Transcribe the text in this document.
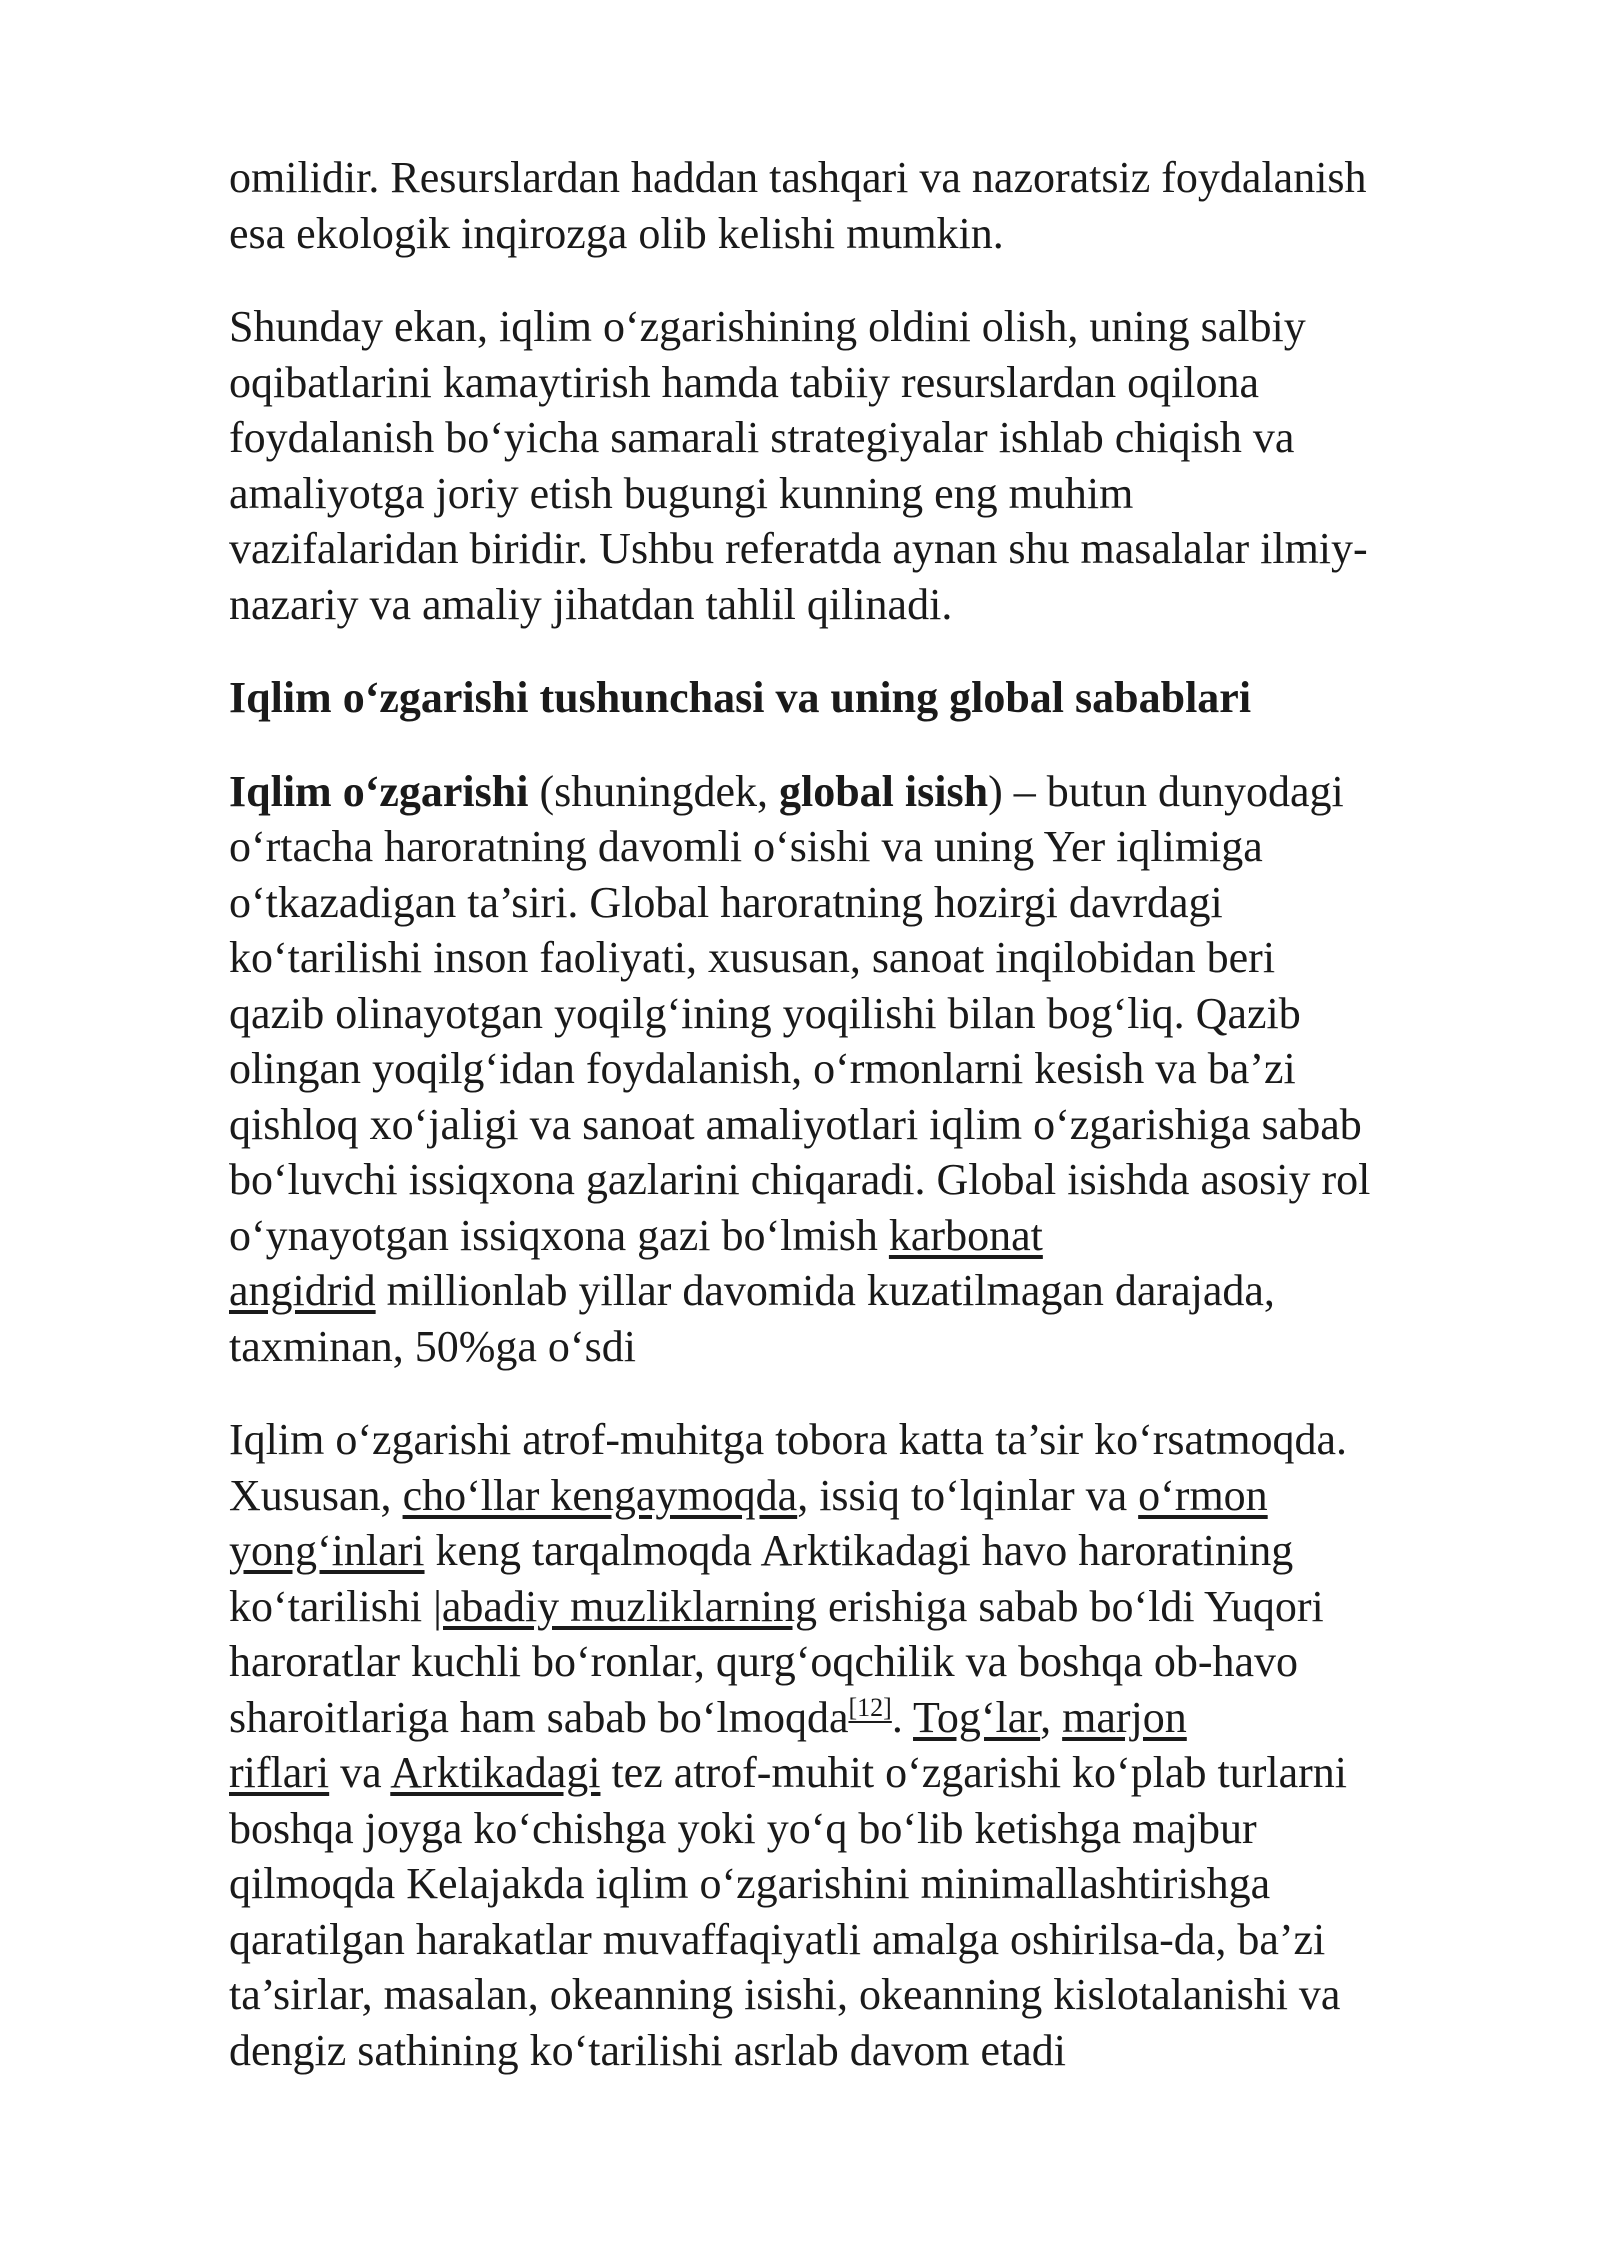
omilidir. Resurslardan haddan tashqari va nazoratsiz foydalanish
esa ekologik inqirozga olib kelishi mumkin.

Shunday ekan, iqlim o‘zgarishining oldini olish, uning salbiy
oqibatlarini kamaytirish hamda tabiiy resurslardan oqilona
foydalanish bo‘yicha samarali strategiyalar ishlab chiqish va
amaliyotga joriy etish bugungi kunning eng muhim
vazifalaridan biridir. Ushbu referatda aynan shu masalalar ilmiy-
nazariy va amaliy jihatdan tahlil qilinadi.

Iqlim o‘zgarishi tushunchasi va uning global sabablari

Iqlim o‘zgarishi (shuningdek, global isish) – butun dunyodagi
o‘rtacha haroratning davomli o‘sishi va uning Yer iqlimiga
o‘tkazadigan ta’siri. Global haroratning hozirgi davrdagi
ko‘tarilishi inson faoliyati, xususan, sanoat inqilobidan beri
qazib olinayotgan yoqilg‘ining yoqilishi bilan bog‘liq. Qazib
olingan yoqilg‘idan foydalanish, o‘rmonlarni kesish va ba’zi
qishloq xo‘jaligi va sanoat amaliyotlari iqlim o‘zgarishiga sabab
bo‘luvchi issiqxona gazlarini chiqaradi. Global isishda asosiy rol
o‘ynayotgan issiqxona gazi bo‘lmish karbonat
angidrid millionlab yillar davomida kuzatilmagan darajada,
taxminan, 50%ga o‘sdi

Iqlim o‘zgarishi atrof-muhitga tobora katta ta’sir ko‘rsatmoqda.
Xususan, cho‘llar kengaymoqda, issiq to‘lqinlar va o‘rmon
yong‘inlari keng tarqalmoqda Arktikadagi havo haroratining
ko‘tarilishi |abadiy muzliklarning erishiga sabab bo‘ldi Yuqori
haroratlar kuchli bo‘ronlar, qurg‘oqchilik va boshqa ob-havo
sharoitlariga ham sabab bo‘lmoqda[12]. Tog‘lar, marjon
riflari va Arktikadagi tez atrof-muhit o‘zgarishi ko‘plab turlarni
boshqa joyga ko‘chishga yoki yo‘q bo‘lib ketishga majbur
qilmoqda Kelajakda iqlim o‘zgarishini minimallashtirishga
qaratilgan harakatlar muvaffaqiyatli amalga oshirilsa-da, ba’zi
ta’sirlar, masalan, okeanning isishi, okeanning kislotalanishi va
dengiz sathining ko‘tarilishi asrlab davom etadi
